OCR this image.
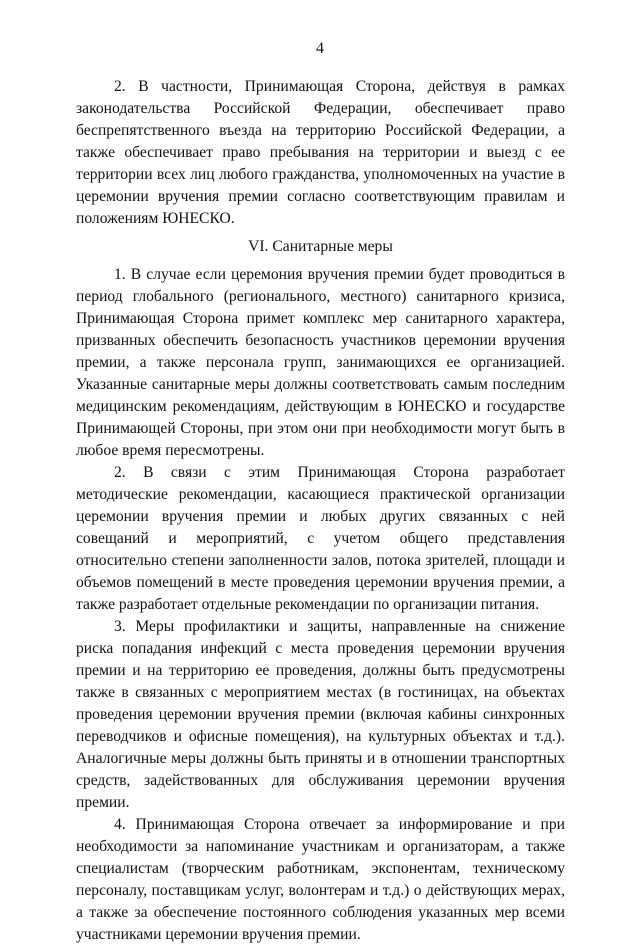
4

2. В частности, Принимающая Сторона, действуя в рамках законодательства Российской Федерации, обеспечивает право беспрепятственного въезда на территорию Российской Федерации, а также обеспечивает право пребывания на территории и выезд с ее территории всех лиц любого гражданства, уполномоченных на участие в церемонии вручения премии согласно соответствующим правилам и положениям ЮНЕСКО.

VI. Санитарные меры

1. В случае если церемония вручения премии будет проводиться в период глобального (регионального, местного) санитарного кризиса, Принимающая Сторона примет комплекс мер санитарного характера, призванных обеспечить безопасность участников церемонии вручения премии, а также персонала групп, занимающихся ее организацией. Указанные санитарные меры должны соответствовать самым последним медицинским рекомендациям, действующим в ЮНЕСКО и государстве Принимающей Стороны, при этом они при необходимости могут быть в любое время пересмотрены.

2. В связи с этим Принимающая Сторона разработает методические рекомендации, касающиеся практической организации церемонии вручения премии и любых других связанных с ней совещаний и мероприятий, с учетом общего представления относительно степени заполненности залов, потока зрителей, площади и объемов помещений в месте проведения церемонии вручения премии, а также разработает отдельные рекомендации по организации питания.

3. Меры профилактики и защиты, направленные на снижение риска попадания инфекций с места проведения церемонии вручения премии и на территорию ее проведения, должны быть предусмотрены также в связанных с мероприятием местах (в гостиницах, на объектах проведения церемонии вручения премии (включая кабины синхронных переводчиков и офисные помещения), на культурных объектах и т.д.). Аналогичные меры должны быть приняты и в отношении транспортных средств, задействованных для обслуживания церемонии вручения премии.

4. Принимающая Сторона отвечает за информирование и при необходимости за напоминание участникам и организаторам, а также специалистам (творческим работникам, экспонентам, техническому персоналу, поставщикам услуг, волонтерам и т.д.) о действующих мерах, а также за обеспечение постоянного соблюдения указанных мер всеми участниками церемонии вручения премии.
